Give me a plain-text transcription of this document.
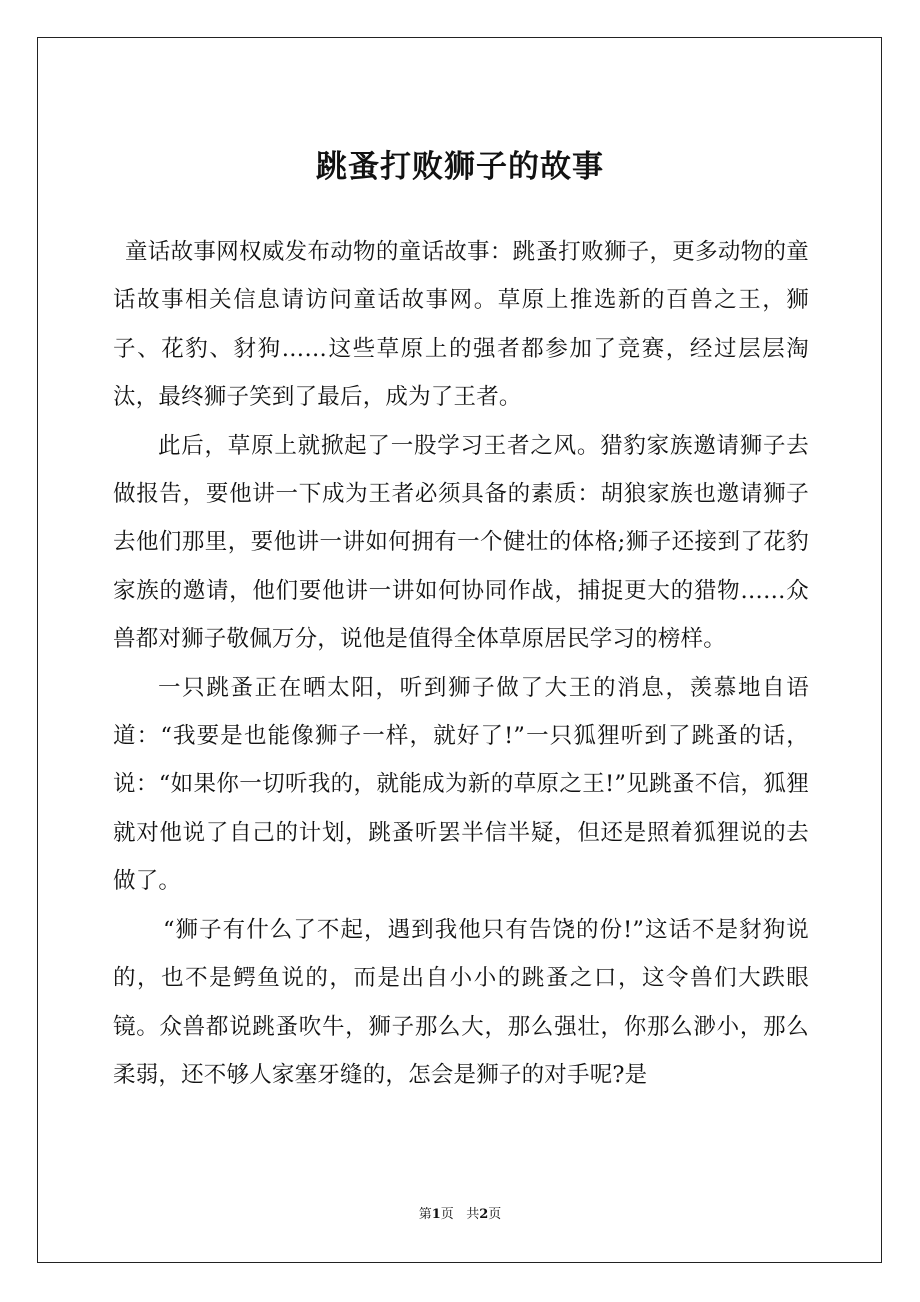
跳蚤打败狮子的故事

童话故事网权威发布动物的童话故事：跳蚤打败狮子，更多动物的童话故事相关信息请访问童话故事网。草原上推选新的百兽之王，狮子、花豹、豺狗……这些草原上的强者都参加了竞赛，经过层层淘汰，最终狮子笑到了最后，成为了王者。

此后，草原上就掀起了一股学习王者之风。猎豹家族邀请狮子去做报告，要他讲一下成为王者必须具备的素质：胡狼家族也邀请狮子去他们那里，要他讲一讲如何拥有一个健壮的体格;狮子还接到了花豹家族的邀请，他们要他讲一讲如何协同作战，捕捉更大的猎物……众兽都对狮子敬佩万分，说他是值得全体草原居民学习的榜样。

一只跳蚤正在晒太阳，听到狮子做了大王的消息，羡慕地自语道：“我要是也能像狮子一样，就好了!”一只狐狸听到了跳蚤的话，说：“如果你一切听我的，就能成为新的草原之王!”见跳蚤不信，狐狸就对他说了自己的计划，跳蚤听罢半信半疑，但还是照着狐狸说的去做了。

“狮子有什么了不起，遇到我他只有告饶的份!”这话不是豺狗说的，也不是鳄鱼说的，而是出自小小的跳蚤之口，这令兽们大跌眼镜。众兽都说跳蚤吹牛，狮子那么大，那么强壮，你那么渺小，那么柔弱，还不够人家塞牙缝的，怎会是狮子的对手呢?是

第1页 共2页
